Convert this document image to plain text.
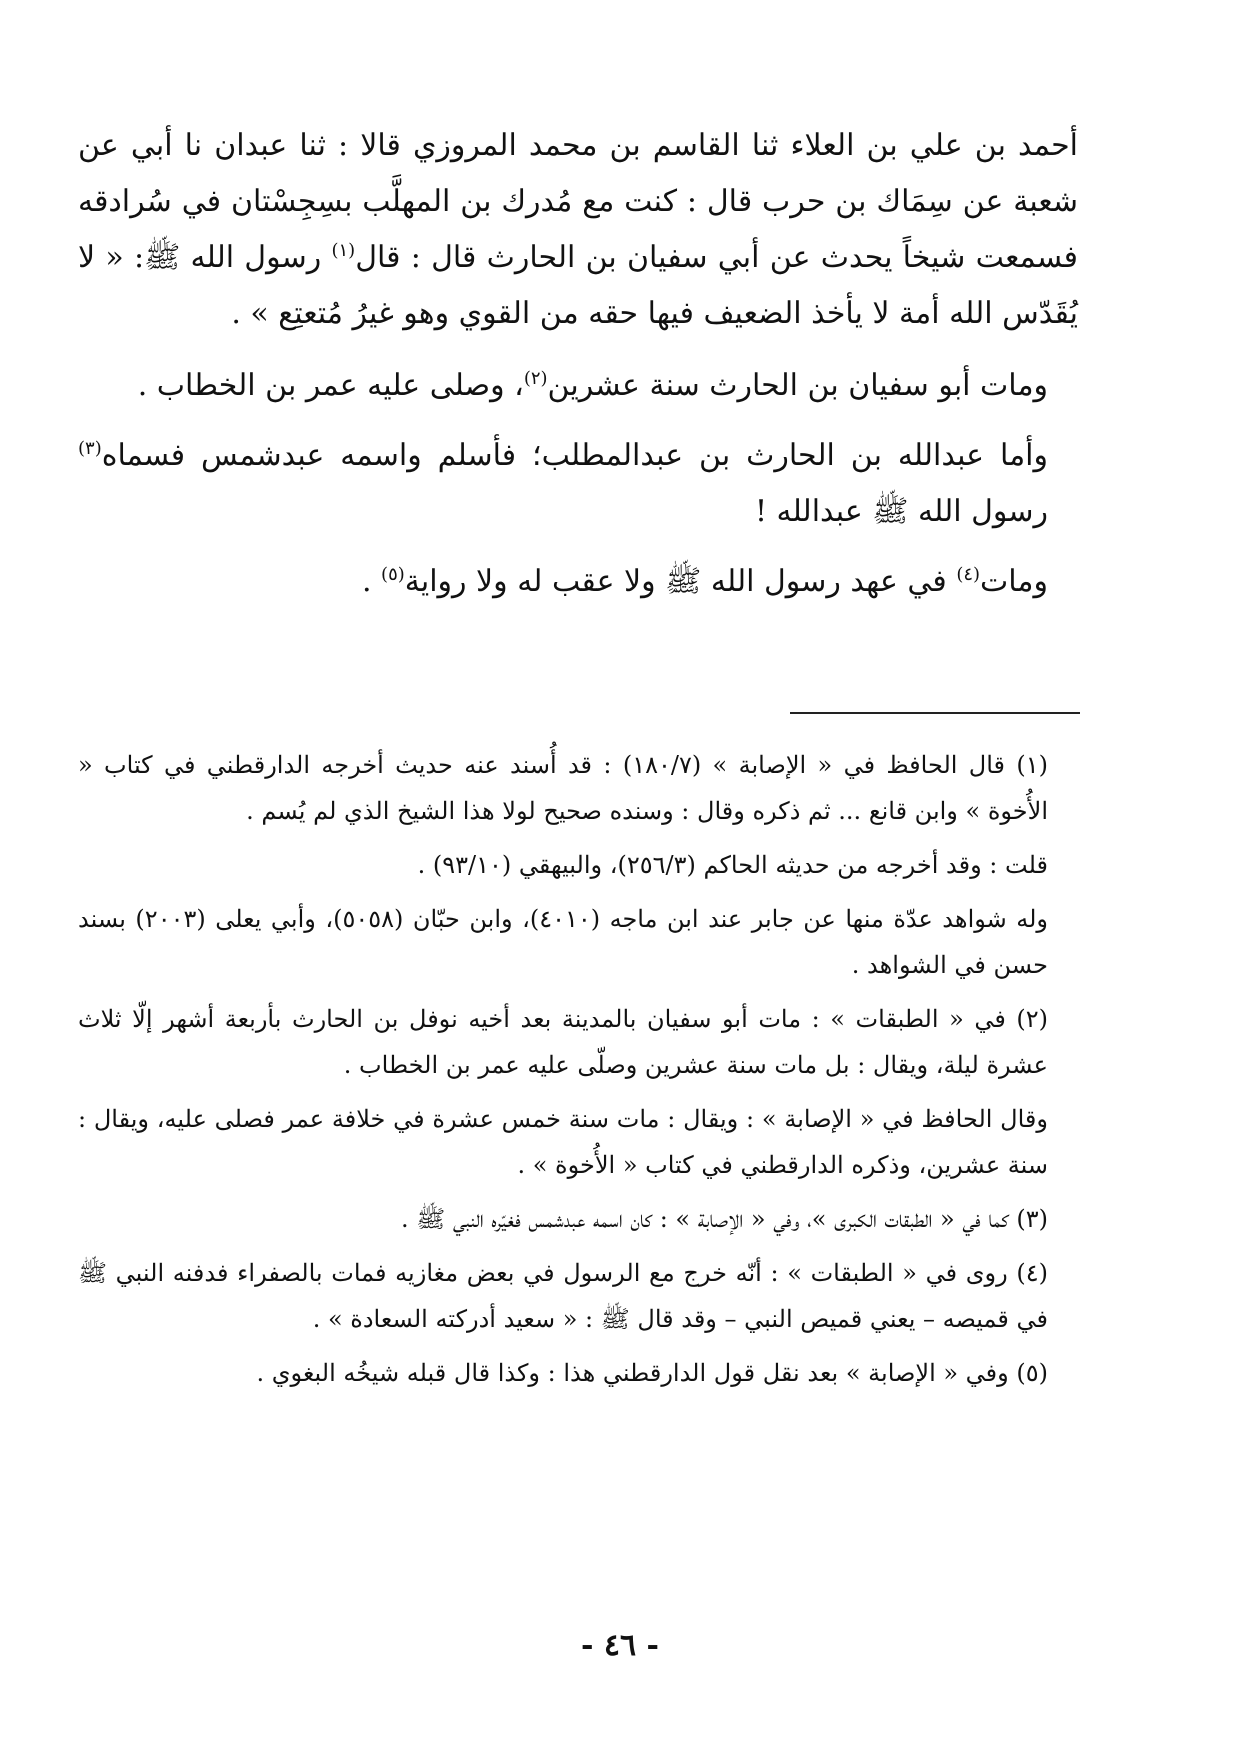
أحمد بن علي بن العلاء ثنا القاسم بن محمد المروزي قالا : ثنا عبدان نا أبي عن شعبة عن سِمَاك بن حرب قال : كنت مع مُدرك بن المهلَّب بسِجِسْتان في سُرادقه فسمعت شيخاً يحدث عن أبي سفيان بن الحارث قال : قال$^{(١)}$ رسول الله ﷺ: « لا يُقَدّس الله أمة لا يأخذ الضعيف فيها حقه من القوي وهو غيرُ مُتعتِع » .

ومات أبو سفيان بن الحارث سنة عشرين$^{(٢)}$، وصلى عليه عمر بن الخطاب .

وأما عبدالله بن الحارث بن عبدالمطلب؛ فأسلم واسمه عبدشمس فسماه$^{(٣)}$ رسول الله ﷺ عبدالله !

ومات$^{(٤)}$ في عهد رسول الله ﷺ ولا عقب له ولا رواية$^{(٥)}$ .

(١) قال الحافظ في « الإصابة » (١٨٠/٧) : قد أُسند عنه حديث أخرجه الدارقطني في كتاب « الأُخوة » وابن قانع ... ثم ذكره وقال : وسنده صحيح لولا هذا الشيخ الذي لم يُسم .

قلت : وقد أخرجه من حديثه الحاكم (٢٥٦/٣)، والبيهقي (٩٣/١٠) .

وله شواهد عدّة منها عن جابر عند ابن ماجه (٤٠١٠)، وابن حبّان (٥٠٥٨)، وأبي يعلى (٢٠٠٣) بسند حسن في الشواهد .

(٢) في « الطبقات » : مات أبو سفيان بالمدينة بعد أخيه نوفل بن الحارث بأربعة أشهر إلّا ثلاث عشرة ليلة، ويقال : بل مات سنة عشرين وصلّى عليه عمر بن الخطاب .

وقال الحافظ في « الإصابة » : ويقال : مات سنة خمس عشرة في خلافة عمر فصلى عليه، ويقال : سنة عشرين، وذكره الدارقطني في كتاب « الأُخوة » .

(٣) كما في « الطبقات الكبرى »، وفي « الإصابة » : كان اسمه عبدشمس فغيّره النبي ﷺ .

(٤) روى في « الطبقات » : أنّه خرج مع الرسول في بعض مغازيه فمات بالصفراء فدفنه النبي ﷺ في قميصه – يعني قميص النبي – وقد قال ﷺ : « سعيد أدركته السعادة » .

(٥) وفي « الإصابة » بعد نقل قول الدارقطني هذا : وكذا قال قبله شيخُه البغوي .

- ٤٦ -
